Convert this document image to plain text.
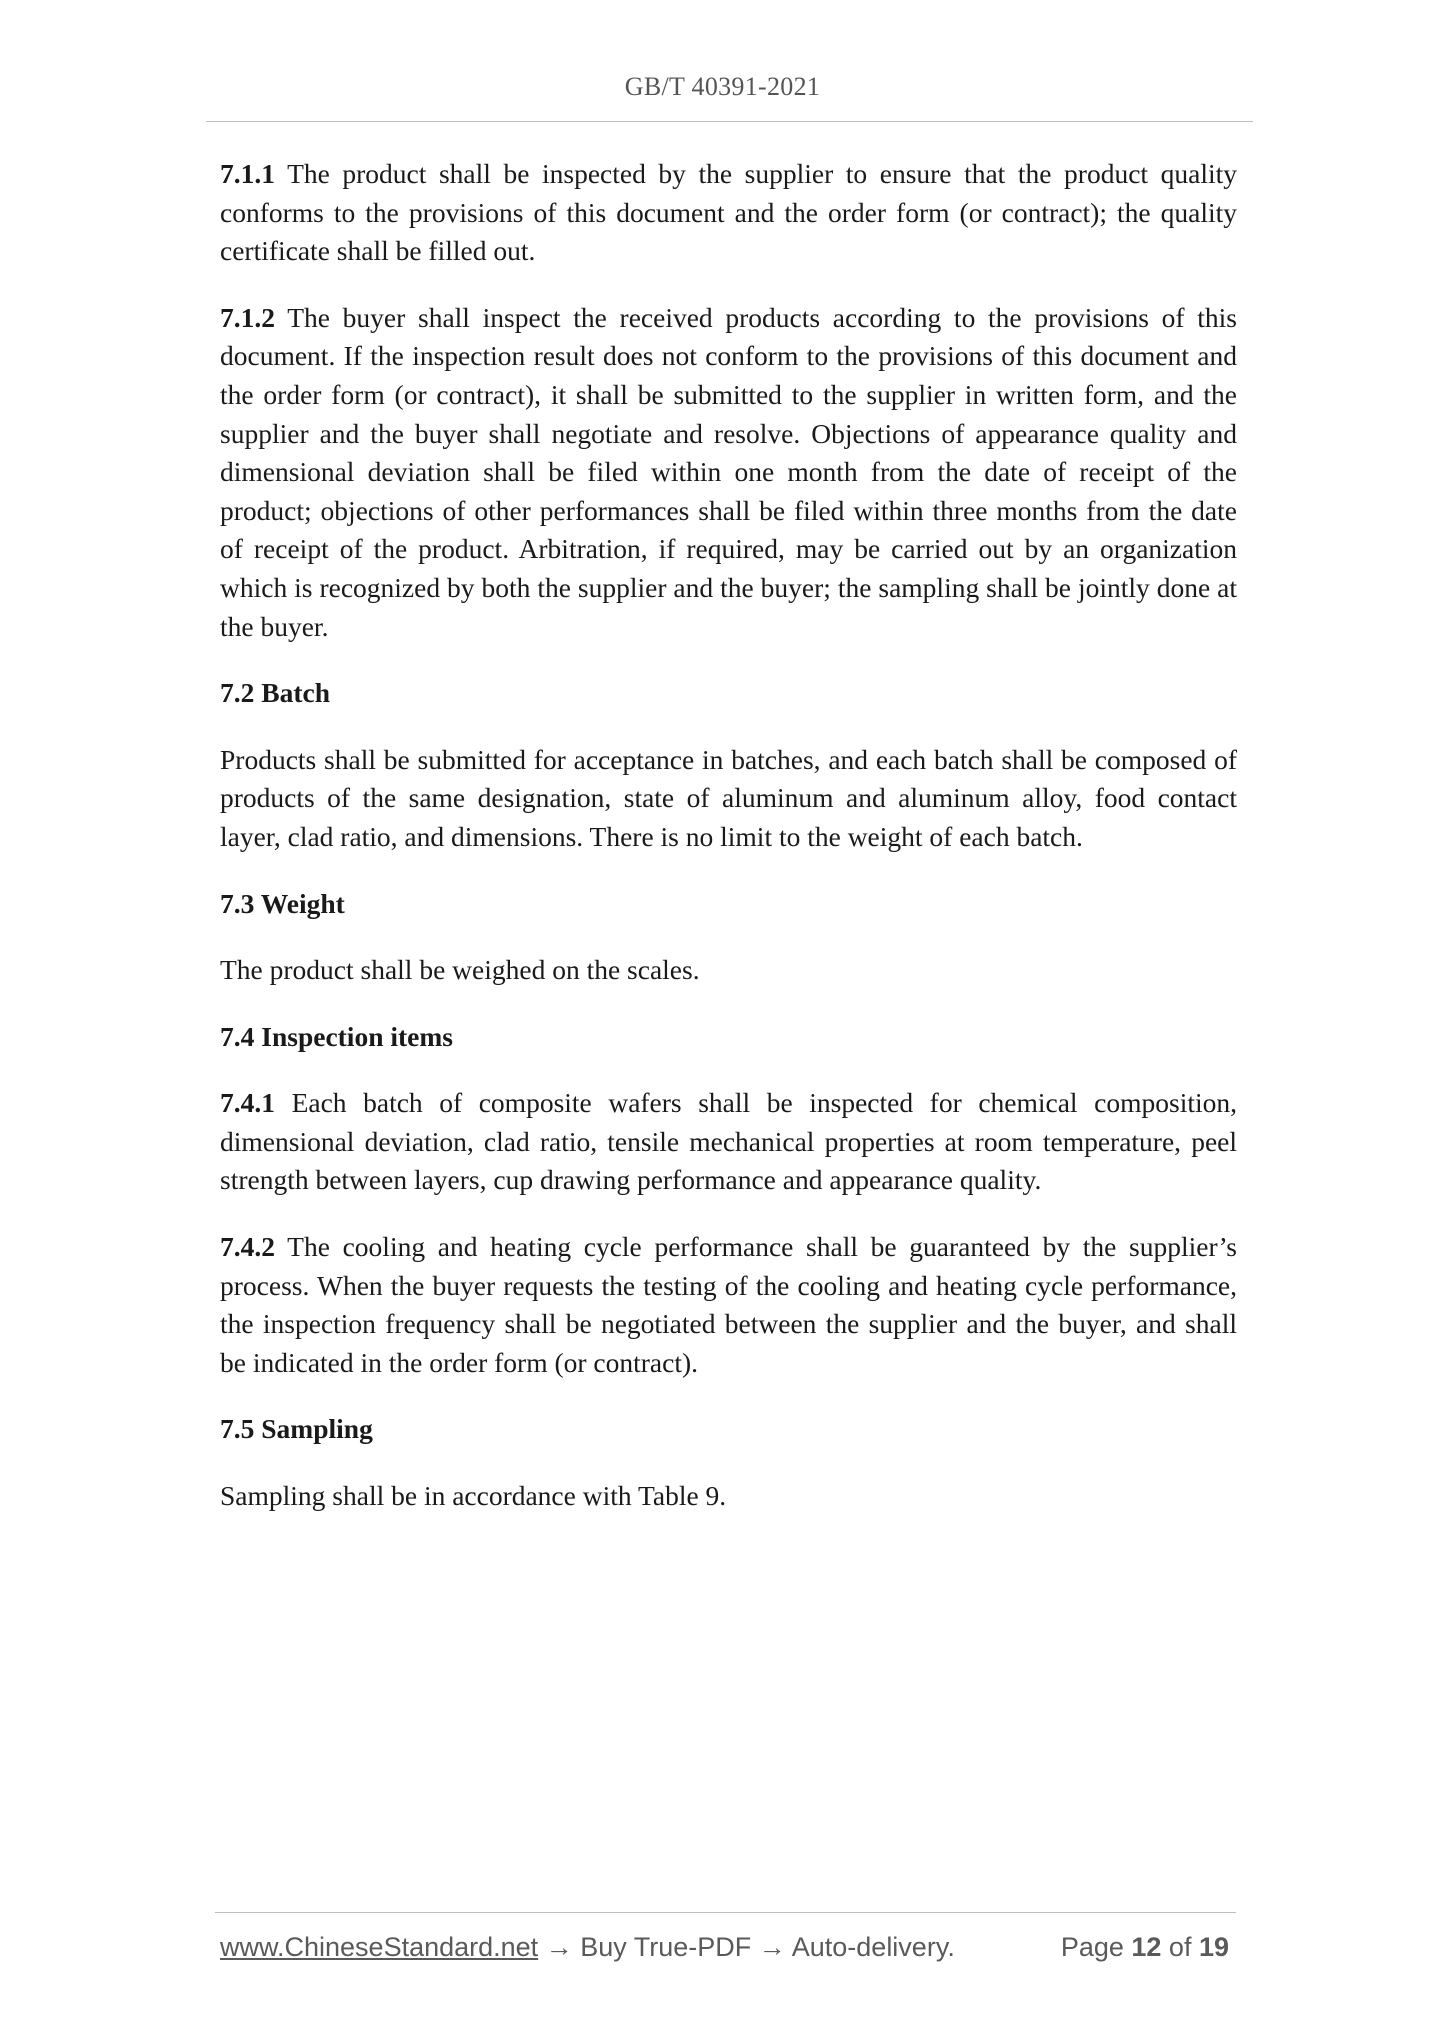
GB/T 40391-2021

7.1.1 The product shall be inspected by the supplier to ensure that the product quality conforms to the provisions of this document and the order form (or contract); the quality certificate shall be filled out.

7.1.2 The buyer shall inspect the received products according to the provisions of this document. If the inspection result does not conform to the provisions of this document and the order form (or contract), it shall be submitted to the supplier in written form, and the supplier and the buyer shall negotiate and resolve. Objections of appearance quality and dimensional deviation shall be filed within one month from the date of receipt of the product; objections of other performances shall be filed within three months from the date of receipt of the product. Arbitration, if required, may be carried out by an organization which is recognized by both the supplier and the buyer; the sampling shall be jointly done at the buyer.

7.2 Batch

Products shall be submitted for acceptance in batches, and each batch shall be composed of products of the same designation, state of aluminum and aluminum alloy, food contact layer, clad ratio, and dimensions. There is no limit to the weight of each batch.

7.3 Weight

The product shall be weighed on the scales.

7.4 Inspection items

7.4.1 Each batch of composite wafers shall be inspected for chemical composition, dimensional deviation, clad ratio, tensile mechanical properties at room temperature, peel strength between layers, cup drawing performance and appearance quality.

7.4.2 The cooling and heating cycle performance shall be guaranteed by the supplier’s process. When the buyer requests the testing of the cooling and heating cycle performance, the inspection frequency shall be negotiated between the supplier and the buyer, and shall be indicated in the order form (or contract).

7.5 Sampling

Sampling shall be in accordance with Table 9.

www.ChineseStandard.net → Buy True-PDF → Auto-delivery.	Page 12 of 19
